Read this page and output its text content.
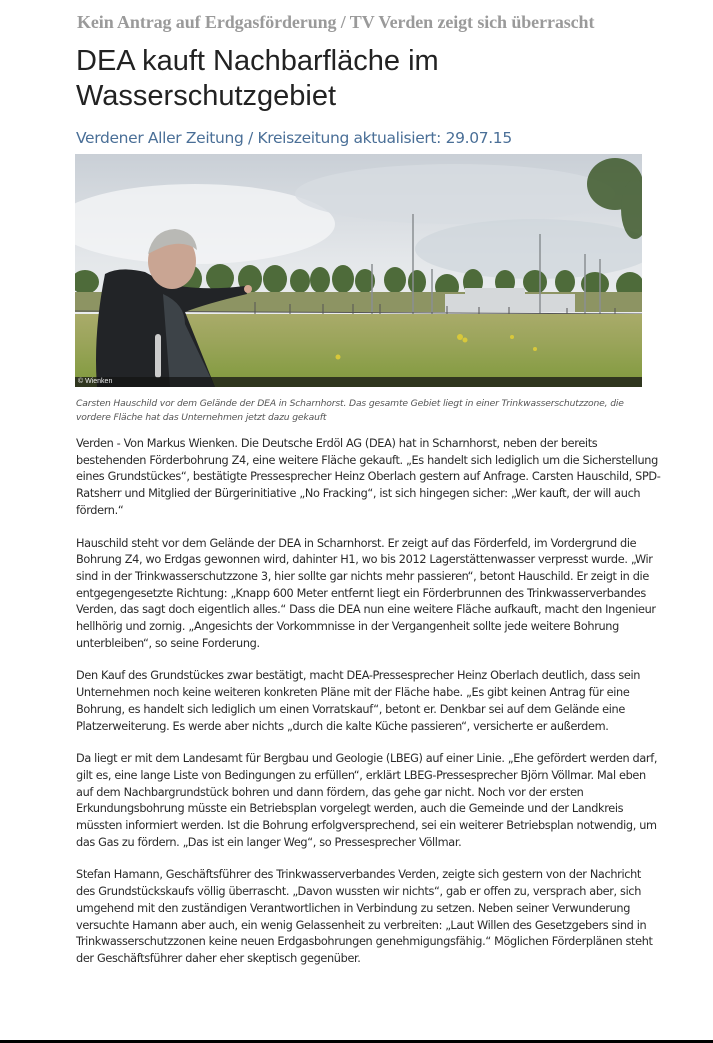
Kein Antrag auf Erdgasförderung / TV Verden zeigt sich überrascht
DEA kauft Nachbarfläche im
Wasserschutzgebiet
Verdener Aller Zeitung / Kreiszeitung aktualisiert: 29.07.15
© Wienken
Carsten Hauschild vor dem Gelände der DEA in Scharnhorst. Das gesamte Gebiet liegt in einer Trinkwasserschutzzone, die vordere Fläche hat das Unternehmen jetzt dazu gekauft

Verden - Von Markus Wienken. Die Deutsche Erdöl AG (DEA) hat in Scharnhorst, neben der bereits bestehenden Förderbohrung Z4, eine weitere Fläche gekauft. „Es handelt sich lediglich um die Sicherstellung eines Grundstückes“, bestätigte Pressesprecher Heinz Oberlach gestern auf Anfrage. Carsten Hauschild, SPD-Ratsherr und Mitglied der Bürgerinitiative „No Fracking“, ist sich hingegen sicher: „Wer kauft, der will auch fördern.“

Hauschild steht vor dem Gelände der DEA in Scharnhorst. Er zeigt auf das Förderfeld, im Vordergrund die Bohrung Z4, wo Erdgas gewonnen wird, dahinter H1, wo bis 2012 Lagerstättenwasser verpresst wurde. „Wir sind in der Trinkwasserschutzzone 3, hier sollte gar nichts mehr passieren“, betont Hauschild. Er zeigt in die entgegengesetzte Richtung: „Knapp 600 Meter entfernt liegt ein Förderbrunnen des Trinkwasserverbandes Verden, das sagt doch eigentlich alles.“ Dass die DEA nun eine weitere Fläche aufkauft, macht den Ingenieur hellhörig und zornig. „Angesichts der Vorkommnisse in der Vergangenheit sollte jede weitere Bohrung unterbleiben“, so seine Forderung.

Den Kauf des Grundstückes zwar bestätigt, macht DEA-Pressesprecher Heinz Oberlach deutlich, dass sein Unternehmen noch keine weiteren konkreten Pläne mit der Fläche habe. „Es gibt keinen Antrag für eine Bohrung, es handelt sich lediglich um einen Vorratskauf“, betont er. Denkbar sei auf dem Gelände eine Platzerweiterung. Es werde aber nichts „durch die kalte Küche passieren“, versicherte er außerdem.

Da liegt er mit dem Landesamt für Bergbau und Geologie (LBEG) auf einer Linie. „Ehe gefördert werden darf, gilt es, eine lange Liste von Bedingungen zu erfüllen“, erklärt LBEG-Pressesprecher Björn Völlmar. Mal eben auf dem Nachbargrundstück bohren und dann fördern, das gehe gar nicht. Noch vor der ersten Erkundungsbohrung müsste ein Betriebsplan vorgelegt werden, auch die Gemeinde und der Landkreis müssten informiert werden. Ist die Bohrung erfolgversprechend, sei ein weiterer Betriebsplan notwendig, um das Gas zu fördern. „Das ist ein langer Weg“, so Pressesprecher Völlmar.

Stefan Hamann, Geschäftsführer des Trinkwasserverbandes Verden, zeigte sich gestern von der Nachricht des Grundstückskaufs völlig überrascht. „Davon wussten wir nichts“, gab er offen zu, versprach aber, sich umgehend mit den zuständigen Verantwortlichen in Verbindung zu setzen. Neben seiner Verwunderung versuchte Hamann aber auch, ein wenig Gelassenheit zu verbreiten: „Laut Willen des Gesetzgebers sind in Trinkwasserschutzzonen keine neuen Erdgasbohrungen genehmigungsfähig.“ Möglichen Förderplänen steht der Geschäftsführer daher eher skeptisch gegenüber.
